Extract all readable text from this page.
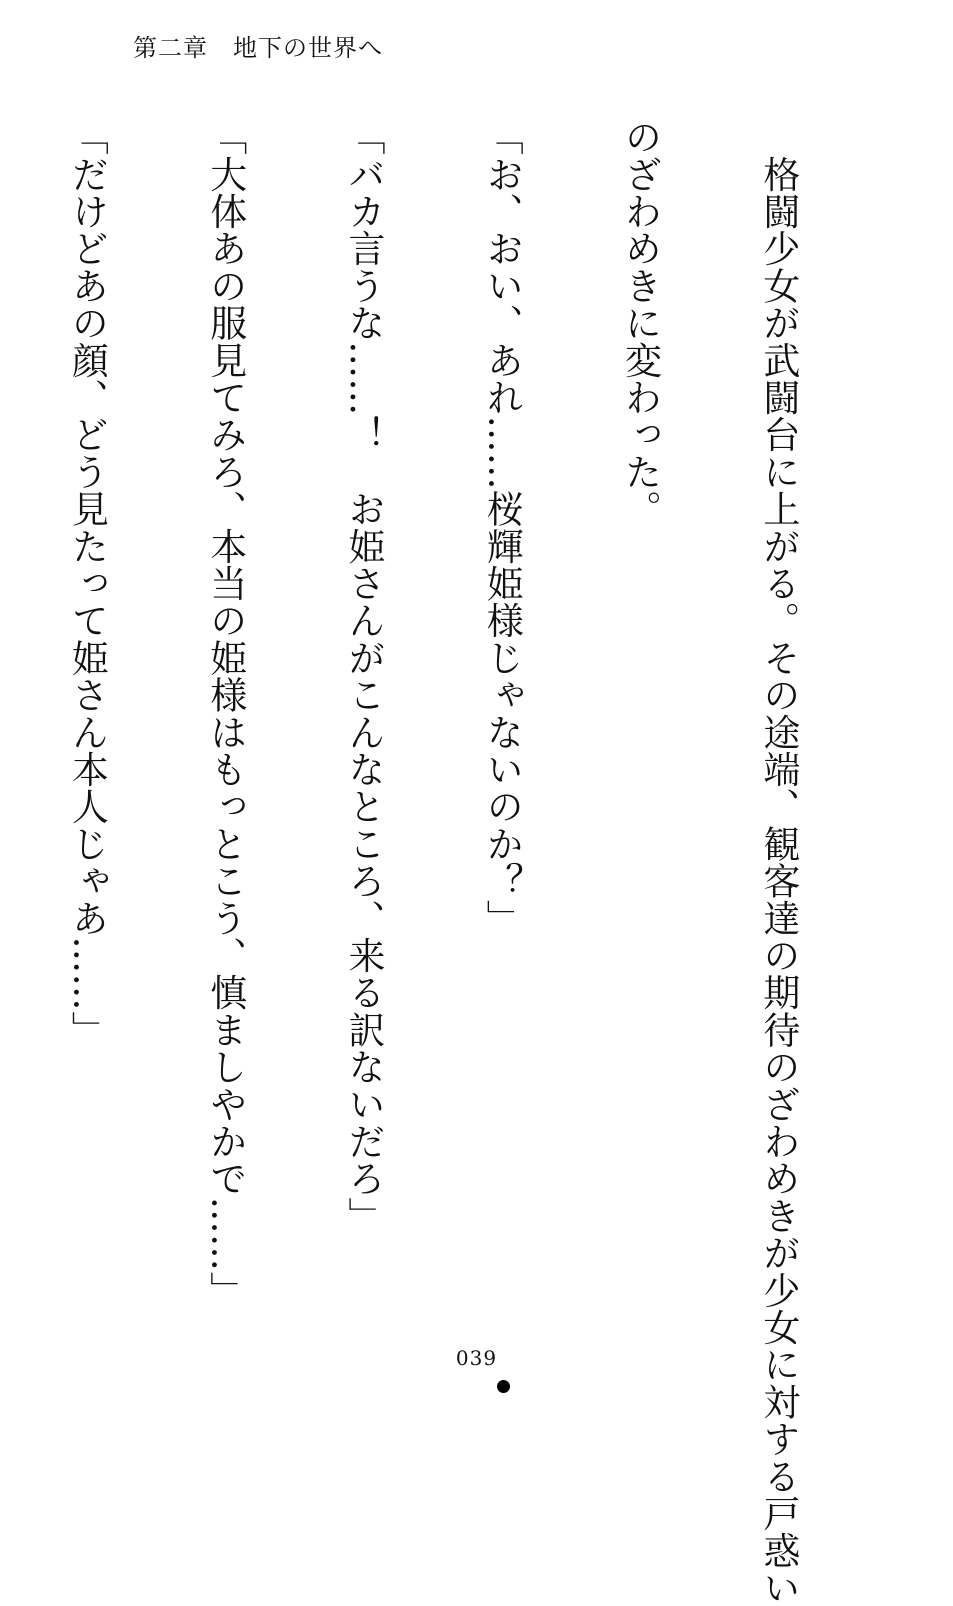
第二章　地下の世界へ

　格闘少女が武闘台に上がる。その途端、観客達の期待のざわめきが少女に対する戸惑い

のざわめきに変わった。

「お、おい、あれ……桜輝姫様じゃないのか？」

「バカ言うな……！　お姫さんがこんなところ、来る訳ないだろ」

「大体あの服見てみろ、本当の姫様はもっとこう、慎ましやかで……」

「だけどあの顔、どう見たって姫さん本人じゃあ……」

039
